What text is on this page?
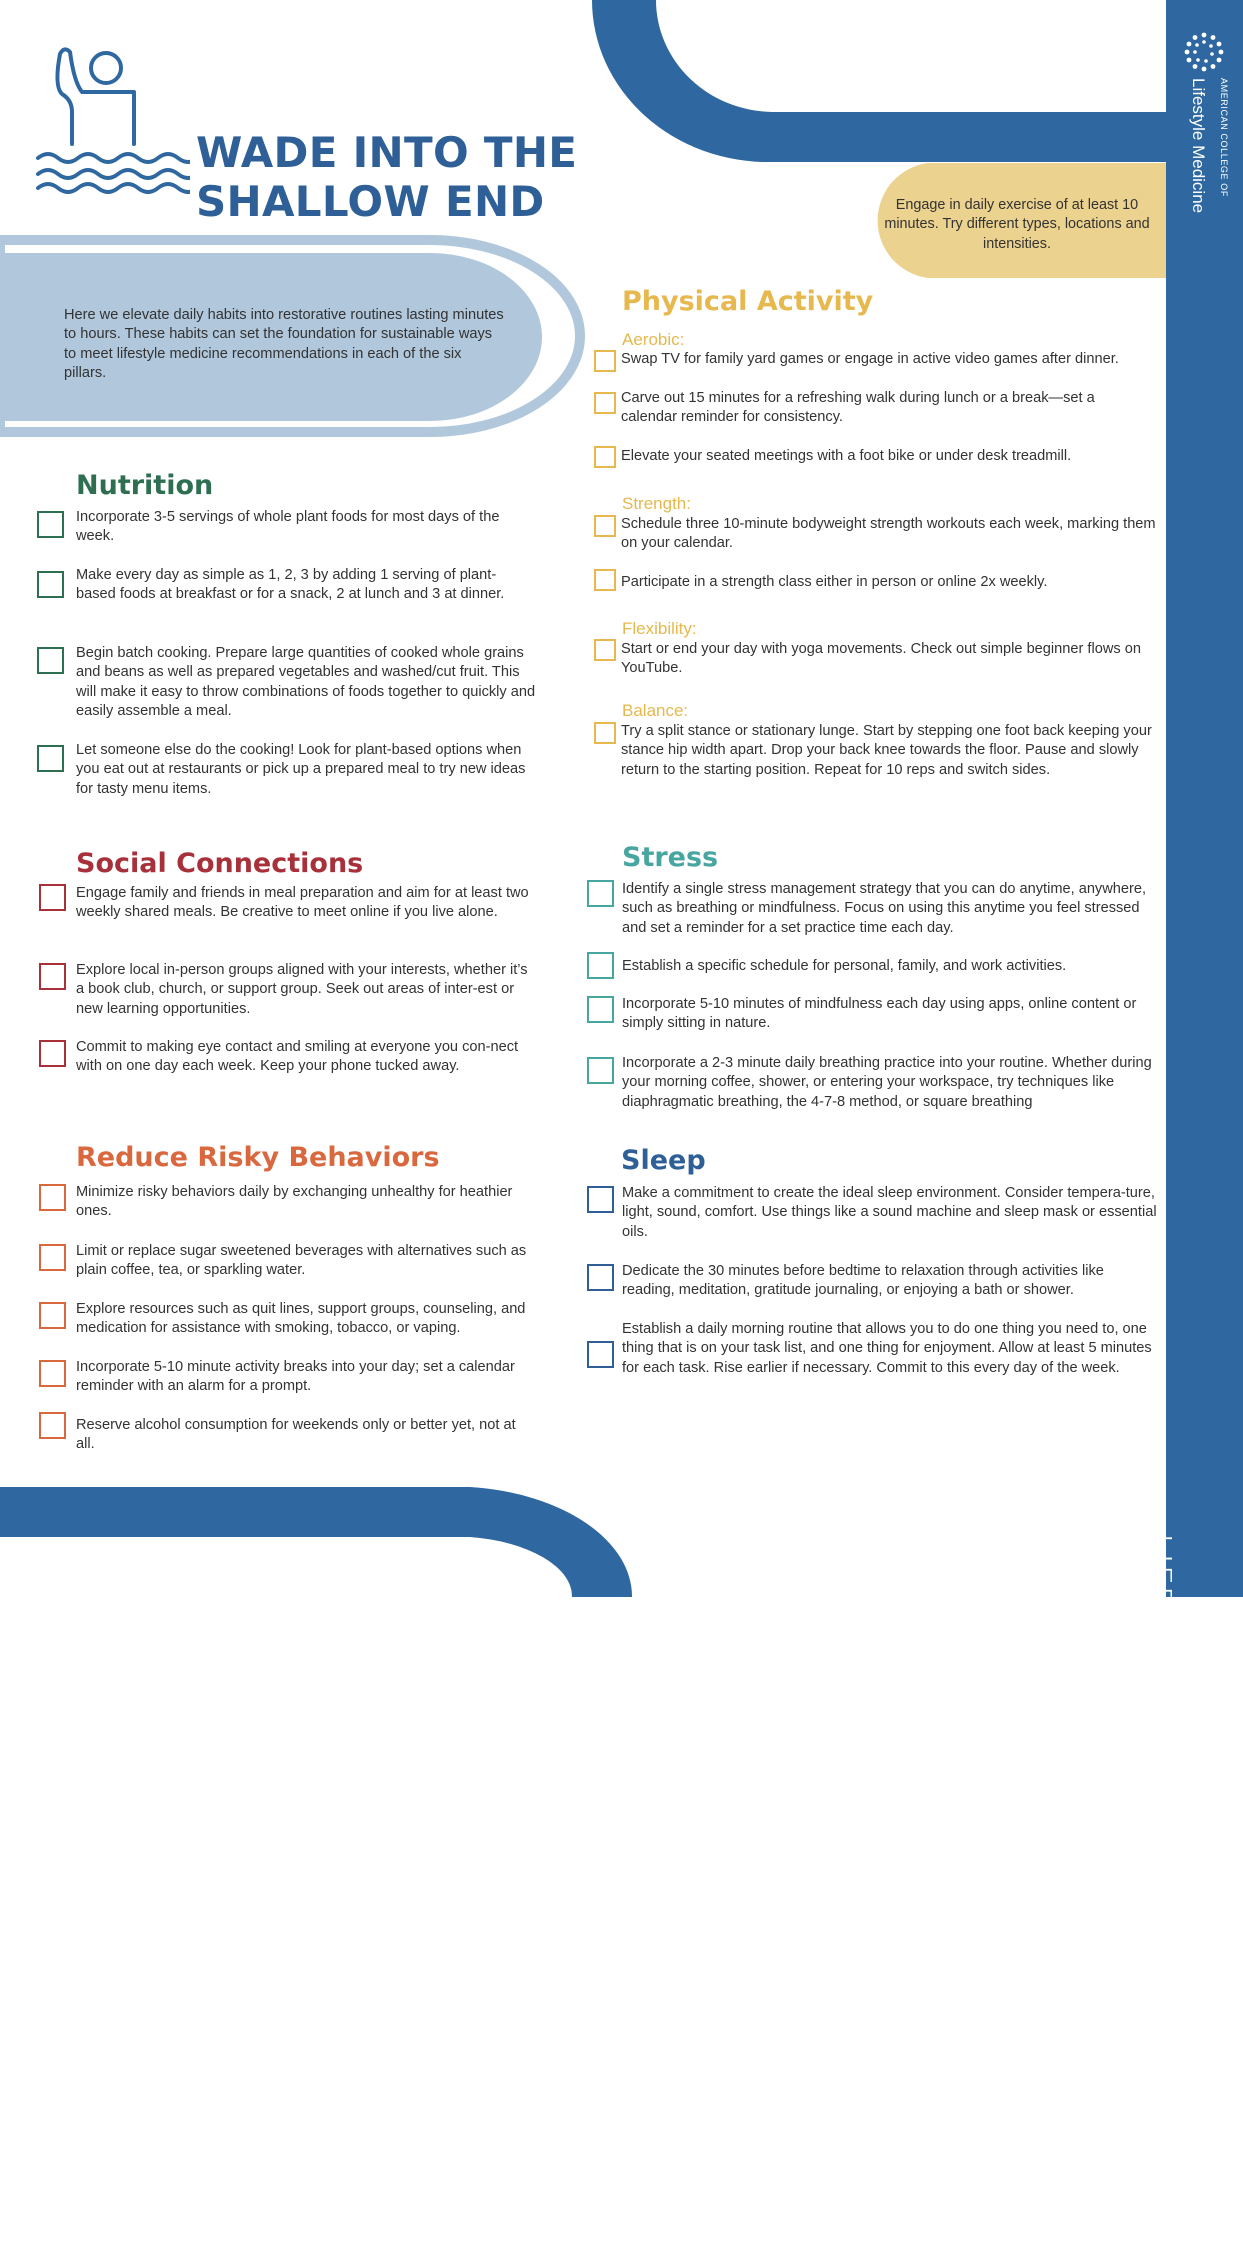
WADE INTO THE
SHALLOW END

Here we elevate daily habits into restorative routines lasting minutes to hours. These habits can set the foundation for sustainable ways to meet lifestyle medicine recommendations in each of the six pillars.

Engage in daily exercise of at least 10 minutes. Try different types, locations and intensities.

AMERICAN COLLEGE OF
Lifestyle Medicine
LIFESTYL E MEDICINE FOR CANCER
Nutrition
Incorporate 3-5 servings of whole plant foods for most days of the week.
Make every day as simple as 1, 2, 3 by adding 1 serving of plant-based foods at breakfast or for a snack, 2 at lunch and 3 at dinner.
Begin batch cooking. Prepare large quantities of cooked whole grains and beans as well as prepared vegetables and washed/cut fruit. This will make it easy to throw combinations of foods together to quickly and easily assemble a meal.
Let someone else do the cooking! Look for plant-based options when you eat out at restaurants or pick up a prepared meal to try new ideas for tasty menu items.
Social Connections
Engage family and friends in meal preparation and aim for at least two weekly shared meals. Be creative to meet online if you live alone.
Explore local in-person groups aligned with your interests, whether it’s a book club, church, or support group. Seek out areas of inter-est or new learning opportunities.
Commit to making eye contact and smiling at everyone you con-nect with on one day each week. Keep your phone tucked away.
Reduce Risky Behaviors
Minimize risky behaviors daily by exchanging unhealthy for heathier ones.
Limit or replace sugar sweetened beverages with alternatives such as plain coffee, tea, or sparkling water.
Explore resources such as quit lines, support groups, counseling, and medication for assistance with smoking, tobacco, or vaping.
Incorporate 5-10 minute activity breaks into your day; set a calendar reminder with an alarm for a prompt.
Reserve alcohol consumption for weekends only or better yet, not at all.
Physical Activity
Aerobic:
Swap TV for family yard games or engage in active video games after dinner.
Carve out 15 minutes for a refreshing walk during lunch or a break—set a calendar reminder for consistency.
Elevate your seated meetings with a foot bike or under desk treadmill.
Strength:
Schedule three 10-minute bodyweight strength workouts each week, marking them on your calendar.
Participate in a strength class either in person or online 2x weekly.
Flexibility:
Start or end your day with yoga movements. Check out simple beginner flows on YouTube.
Balance:
Try a split stance or stationary lunge. Start by stepping one foot back keeping your stance hip width apart. Drop your back knee towards the floor. Pause and slowly return to the starting position. Repeat for 10 reps and switch sides.
Stress
Identify a single stress management strategy that you can do anytime, anywhere, such as breathing or mindfulness. Focus on using this anytime you feel stressed and set a reminder for a set practice time each day.
Establish a specific schedule for personal, family, and work activities.
Incorporate 5-10 minutes of mindfulness each day using apps, online content or simply sitting in nature.
Incorporate a 2-3 minute daily breathing practice into your routine. Whether during your morning coffee, shower, or entering your workspace, try techniques like diaphragmatic breathing, the 4-7-8 method, or square breathing
Sleep
Make a commitment to create the ideal sleep environment. Consider tempera-ture, light, sound, comfort. Use things like a sound machine and sleep mask or essential oils.
Dedicate the 30 minutes before bedtime to relaxation through activities like reading, meditation, gratitude journaling, or enjoying a bath or shower.
Establish a daily morning routine that allows you to do one thing you need to, one thing that is on your task list, and one thing for enjoyment. Allow at least 5 minutes for each task. Rise earlier if necessary. Commit to this every day of the week.
